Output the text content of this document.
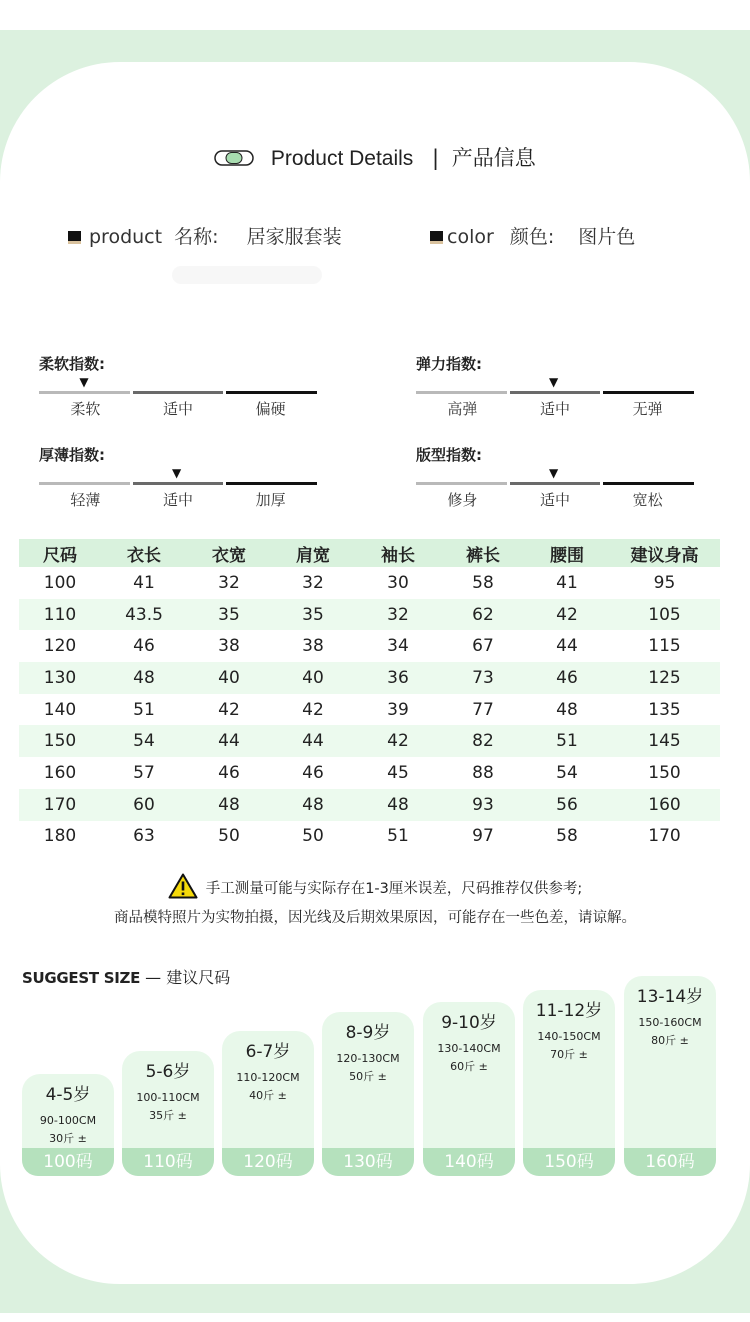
Product Details | 产品信息
product 名称: 居家服套装	color 颜色: 图片色
柔软指数:
▼
柔软	适中	偏硬
弹力指数:
▼
高弹	适中	无弹
厚薄指数:
▼
轻薄	适中	加厚
版型指数:
▼
修身	适中	宽松
尺码	衣长	衣宽	肩宽	袖长	裤长	腰围	建议身高
100	41	32	32	30	58	41	95
110	43.5	35	35	32	62	42	105
120	46	38	38	34	67	44	115
130	48	40	40	36	73	46	125
140	51	42	42	39	77	48	135
150	54	44	44	42	82	51	145
160	57	46	46	45	88	54	150
170	60	48	48	48	93	56	160
180	63	50	50	51	97	58	170
手工测量可能与实际存在1-3厘米误差，尺码推荐仅供参考;
商品模特照片为实物拍摄，因光线及后期效果原因，可能存在一些色差，请谅解。
SUGGEST SIZE — 建议尺码
4-5岁
90-100CM
30斤 ±
100码
5-6岁
100-110CM
35斤 ±
110码
6-7岁
110-120CM
40斤 ±
120码
8-9岁
120-130CM
50斤 ±
130码
9-10岁
130-140CM
60斤 ±
140码
11-12岁
140-150CM
70斤 ±
150码
13-14岁
150-160CM
80斤 ±
160码
